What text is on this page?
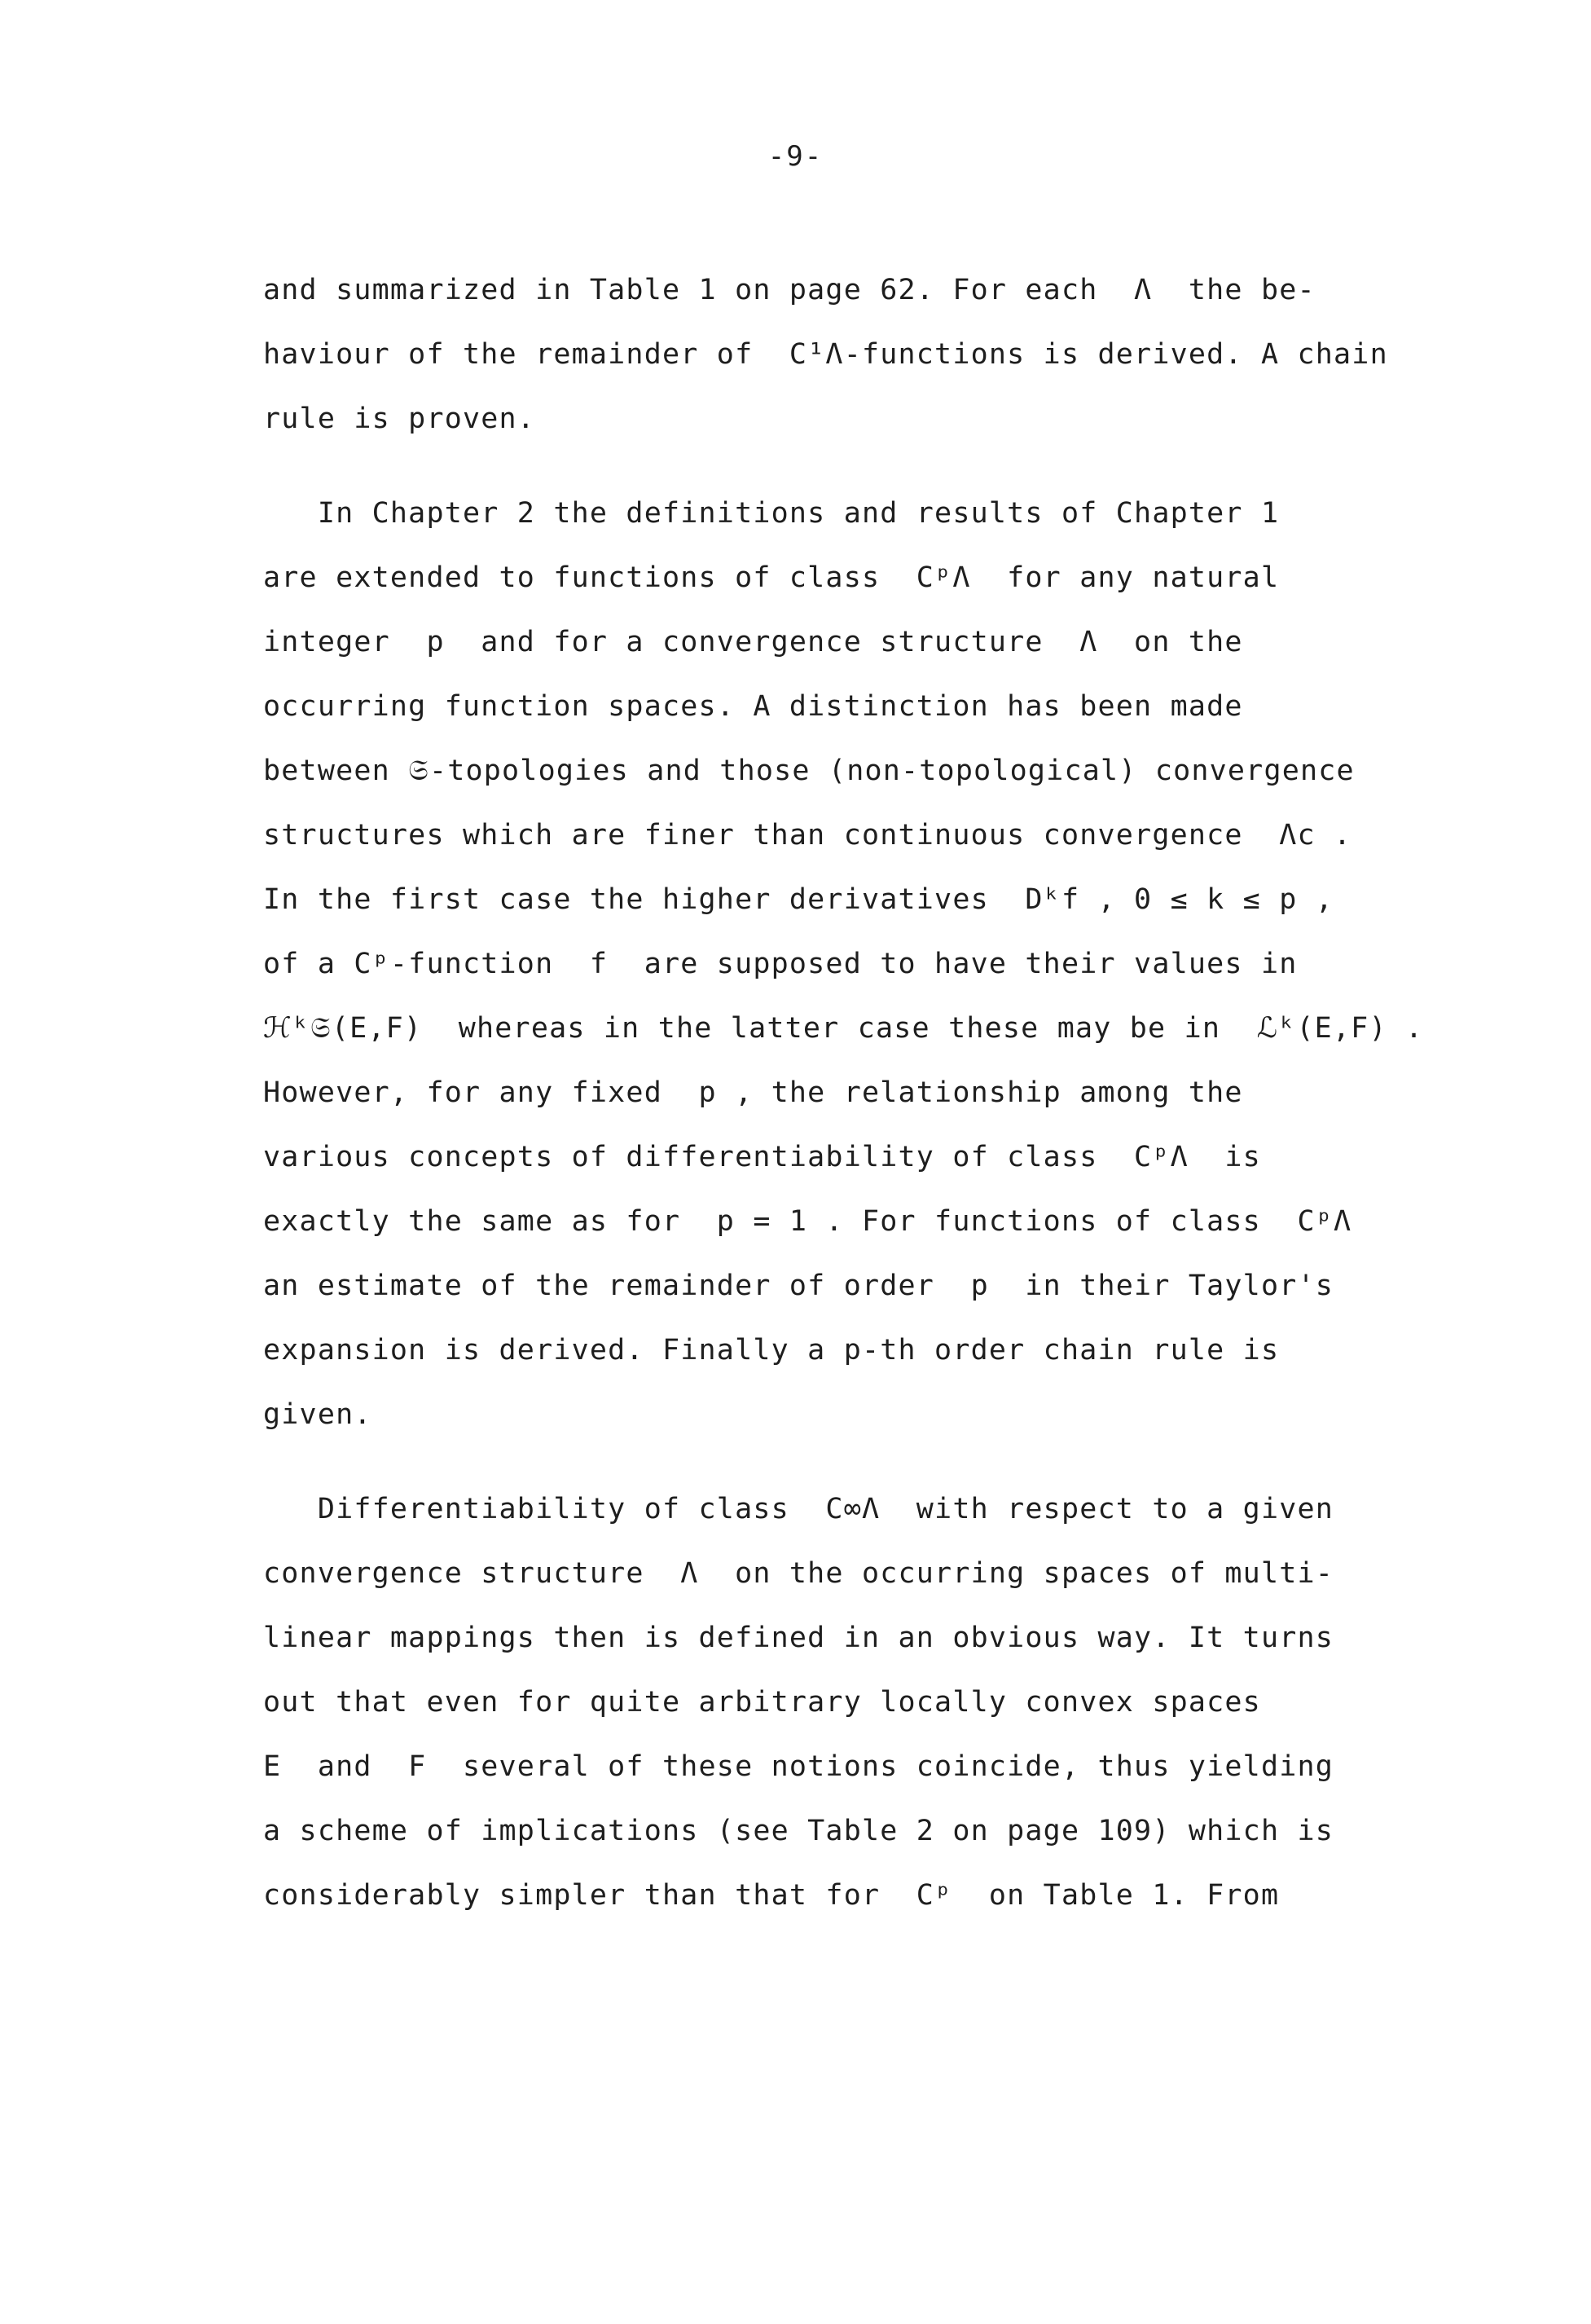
-9-
and summarized in Table 1 on page 62. For each  Λ  the be-
haviour of the remainder of  C¹Λ-functions is derived. A chain
rule is proven.
In Chapter 2 the definitions and results of Chapter 1
are extended to functions of class  CᵖΛ  for any natural
integer  p  and for a convergence structure  Λ  on the
occurring function spaces. A distinction has been made
between 𝔖-topologies and those (non-topological) convergence
structures which are finer than continuous convergence  Λc .
In the first case the higher derivatives  Dᵏf , 0 ≤ k ≤ p ,
of a Cᵖ-function  f  are supposed to have their values in
ℋᵏ𝔖(E,F)  whereas in the latter case these may be in  ℒᵏ(E,F) .
However, for any fixed  p , the relationship among the
various concepts of differentiability of class  CᵖΛ  is
exactly the same as for  p = 1 . For functions of class  CᵖΛ
an estimate of the remainder of order  p  in their Taylor's
expansion is derived. Finally a p-th order chain rule is
given.
Differentiability of class  C∞Λ  with respect to a given
convergence structure  Λ  on the occurring spaces of multi-
linear mappings then is defined in an obvious way. It turns
out that even for quite arbitrary locally convex spaces
E  and  F  several of these notions coincide, thus yielding
a scheme of implications (see Table 2 on page 109) which is
considerably simpler than that for  Cᵖ  on Table 1. From
